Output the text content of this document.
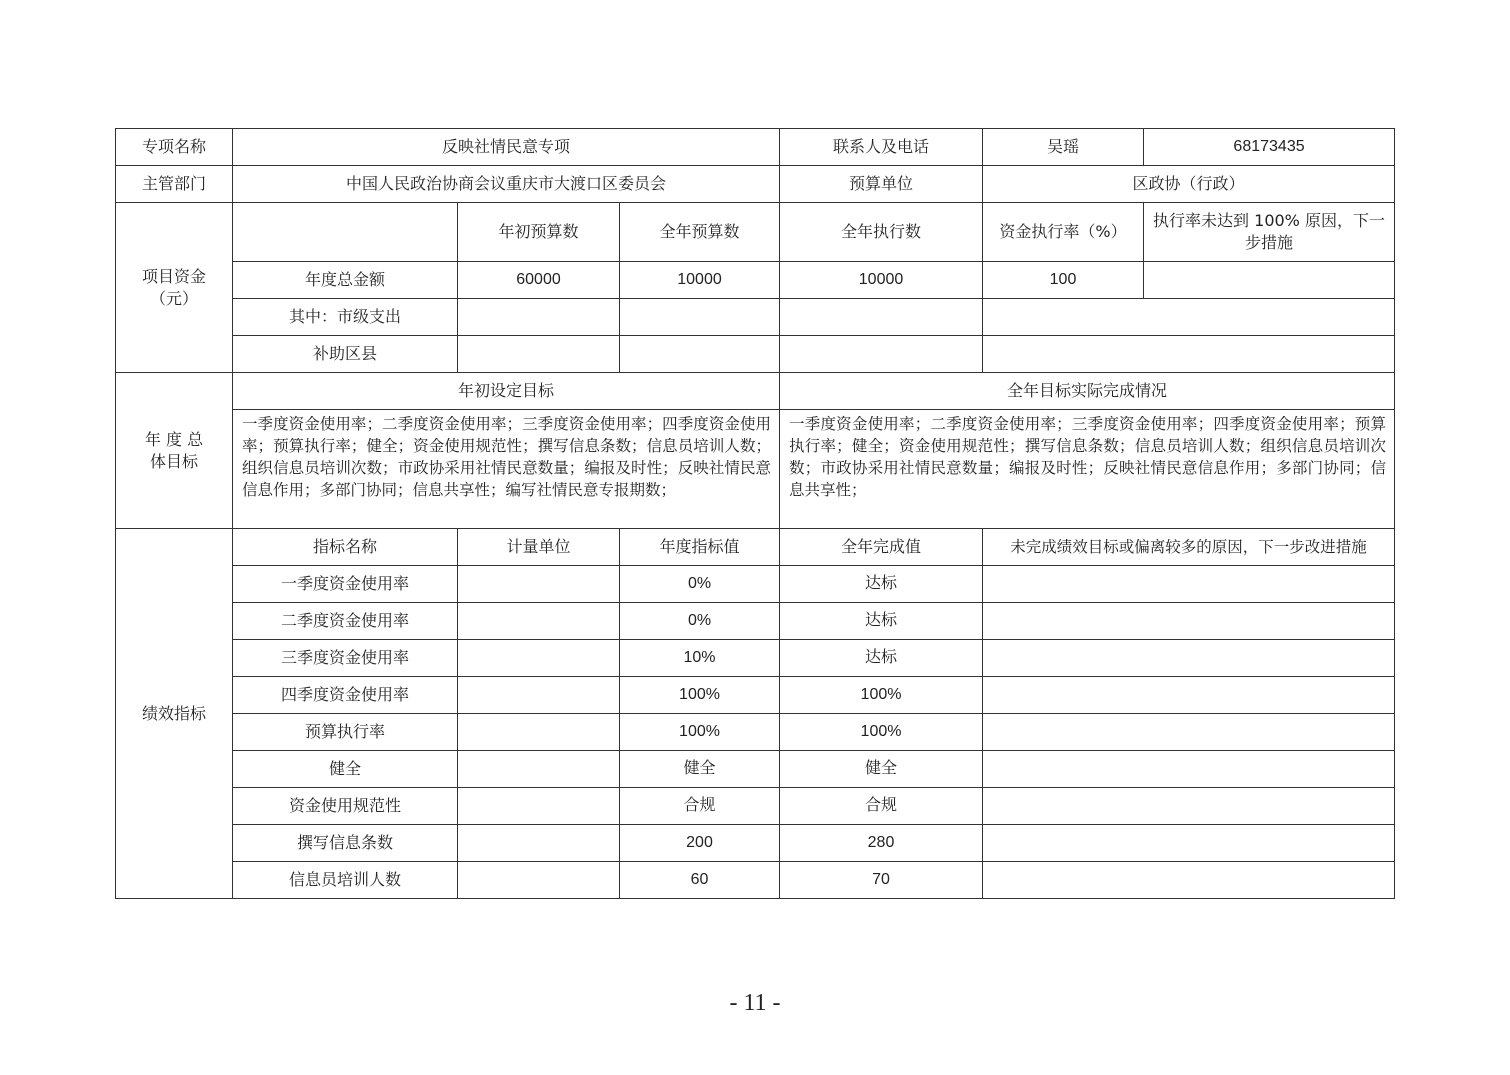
专项名称	反映社情民意专项			联系人及电话	吴瑶	68173435
主管部门	中国人民政治协商会议重庆市大渡口区委员会			预算单位	区政协（行政）	
项目资金（元）		年初预算数	全年预算数	全年执行数	资金执行率（%）	执行率未达到 100% 原因，下一步措施
	年度总金额	60000	10000	10000	100	
	其中：市级支出					
	补助区县					
年 度 总体目标	年初设定目标			全年目标实际完成情况		
	一季度资金使用率；二季度资金使用率；三季度资金使用率；四季度资金使用率；预算执行率；健全；资金使用规范性；撰写信息条数；信息员培训人数；组织信息员培训次数；市政协采用社情民意数量；编报及时性；反映社情民意信息作用；多部门协同；信息共享性；编写社情民意专报期数；			一季度资金使用率；二季度资金使用率；三季度资金使用率；四季度资金使用率；预算执行率；健全；资金使用规范性；撰写信息条数；信息员培训人数；组织信息员培训次数；市政协采用社情民意数量；编报及时性；反映社情民意信息作用；多部门协同；信息共享性；		
绩效指标	指标名称	计量单位	年度指标值	全年完成值	未完成绩效目标或偏离较多的原因，下一步改进措施	
	一季度资金使用率		0%	达标		
	二季度资金使用率		0%	达标		
	三季度资金使用率		10%	达标		
	四季度资金使用率		100%	100%		
	预算执行率		100%	100%		
	健全		健全	健全		
	资金使用规范性		合规	合规		
	撰写信息条数		200	280		
	信息员培训人数		60	70		
- 11 -
